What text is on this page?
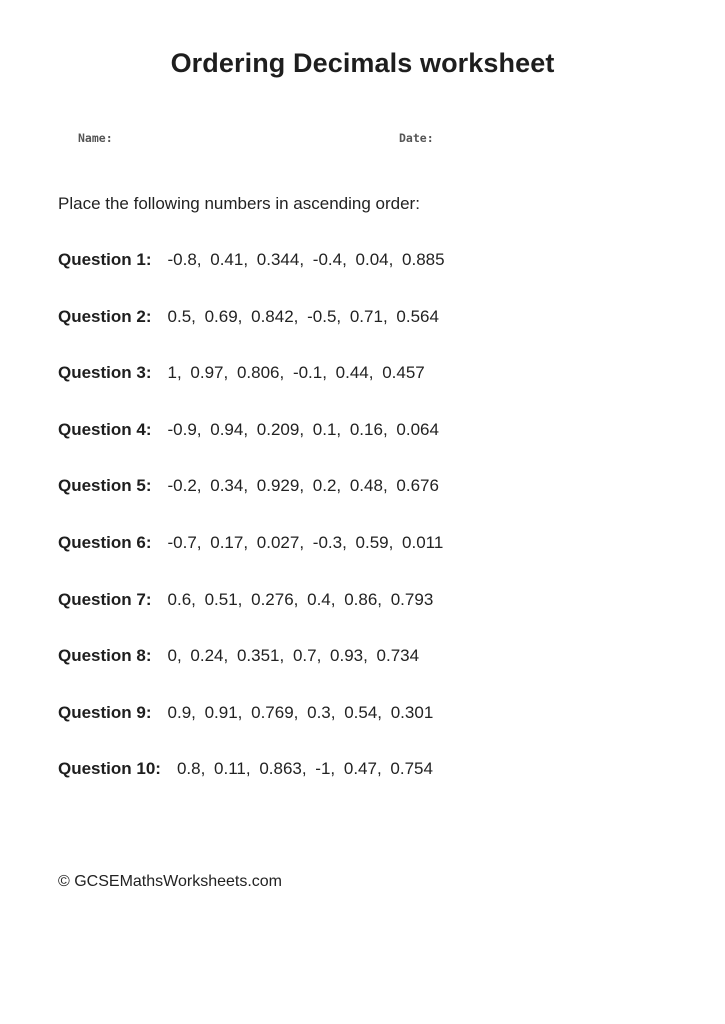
Ordering Decimals worksheet
Name:	Date:
Place the following numbers in ascending order:
Question 1: -0.8, 0.41, 0.344, -0.4, 0.04, 0.885
Question 2: 0.5, 0.69, 0.842, -0.5, 0.71, 0.564
Question 3: 1, 0.97, 0.806, -0.1, 0.44, 0.457
Question 4: -0.9, 0.94, 0.209, 0.1, 0.16, 0.064
Question 5: -0.2, 0.34, 0.929, 0.2, 0.48, 0.676
Question 6: -0.7, 0.17, 0.027, -0.3, 0.59, 0.011
Question 7: 0.6, 0.51, 0.276, 0.4, 0.86, 0.793
Question 8: 0, 0.24, 0.351, 0.7, 0.93, 0.734
Question 9: 0.9, 0.91, 0.769, 0.3, 0.54, 0.301
Question 10: 0.8, 0.11, 0.863, -1, 0.47, 0.754
© GCSEMathsWorksheets.com
